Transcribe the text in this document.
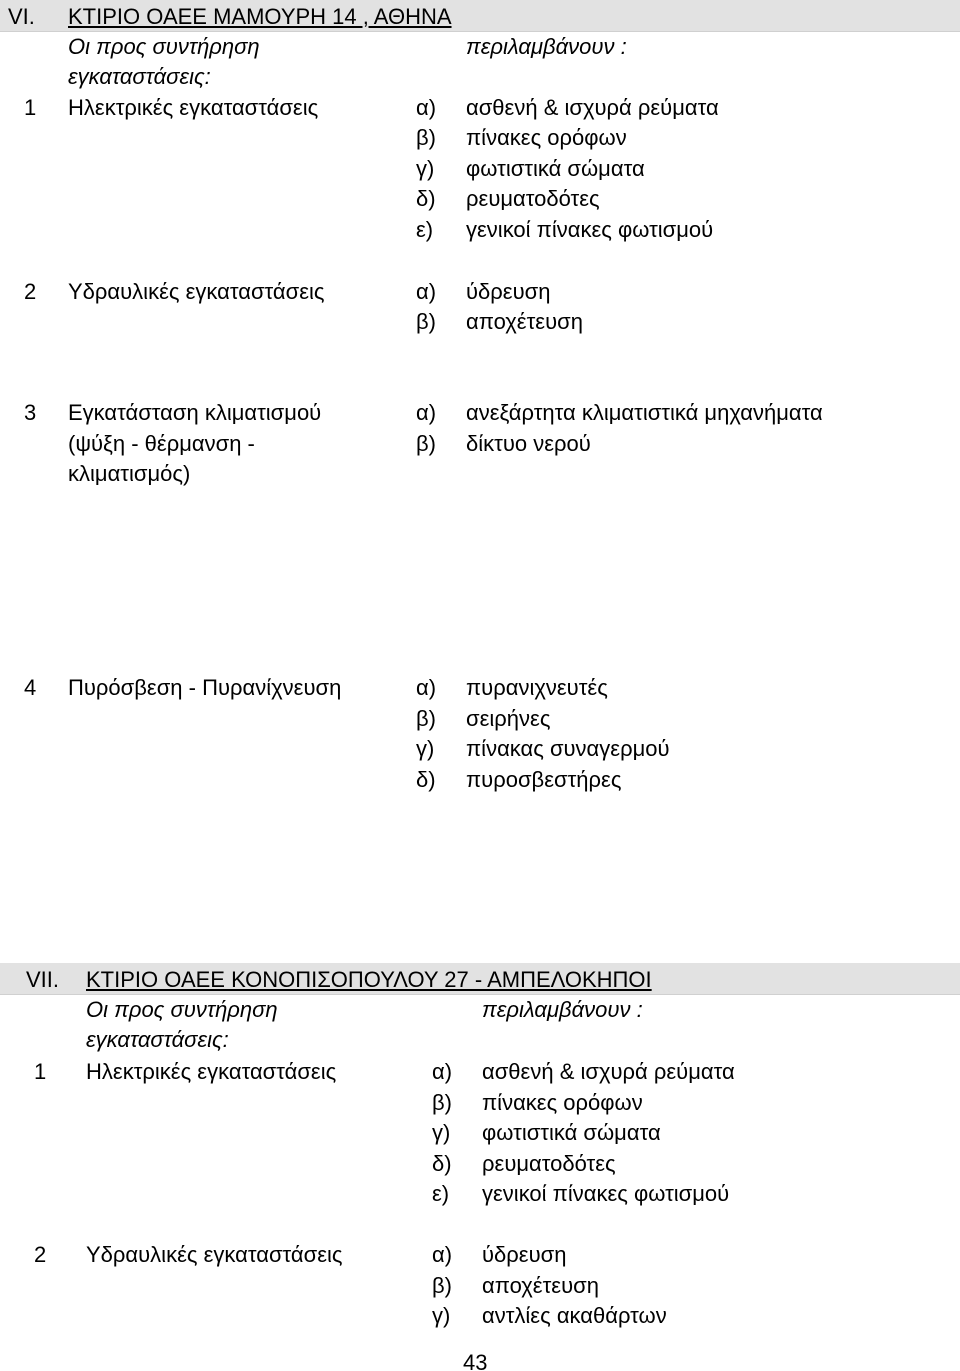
VI. ΚΤΙΡΙΟ ΟΑΕΕ ΜΑΜΟΥΡΗ 14 , ΑΘΗΝΑ
Οι προς συντήρηση	περιλαμβάνουν :
εγκαταστάσεις:
1 Ηλεκτρικές εγκαταστάσεις	α) ασθενή & ισχυρά ρεύματα
β) πίνακες ορόφων
γ) φωτιστικά σώματα
δ) ρευματοδότες
ε) γενικοί πίνακες φωτισμού
2 Υδραυλικές εγκαταστάσεις	α) ύδρευση
β) αποχέτευση
3 Εγκατάσταση κλιματισμού
(ψύξη - θέρμανση -
κλιματισμός)
α) ανεξάρτητα κλιματιστικά μηχανήματα
β) δίκτυο νερού
4 Πυρόσβεση - Πυρανίχνευση	α) πυρανιχνευτές
β) σειρήνες
γ) πίνακας συναγερμού
δ) πυροσβεστήρες
VII. ΚΤΙΡΙΟ ΟΑΕΕ ΚΟΝΟΠΙΣΟΠΟΥΛΟΥ 27 - ΑΜΠΕΛΟΚΗΠΟΙ
Οι προς συντήρηση	περιλαμβάνουν :
εγκαταστάσεις:
1 Ηλεκτρικές εγκαταστάσεις	α) ασθενή & ισχυρά ρεύματα
β) πίνακες ορόφων
γ) φωτιστικά σώματα
δ) ρευματοδότες
ε) γενικοί πίνακες φωτισμού
2 Υδραυλικές εγκαταστάσεις	α) ύδρευση
β) αποχέτευση
γ) αντλίες ακαθάρτων
43
